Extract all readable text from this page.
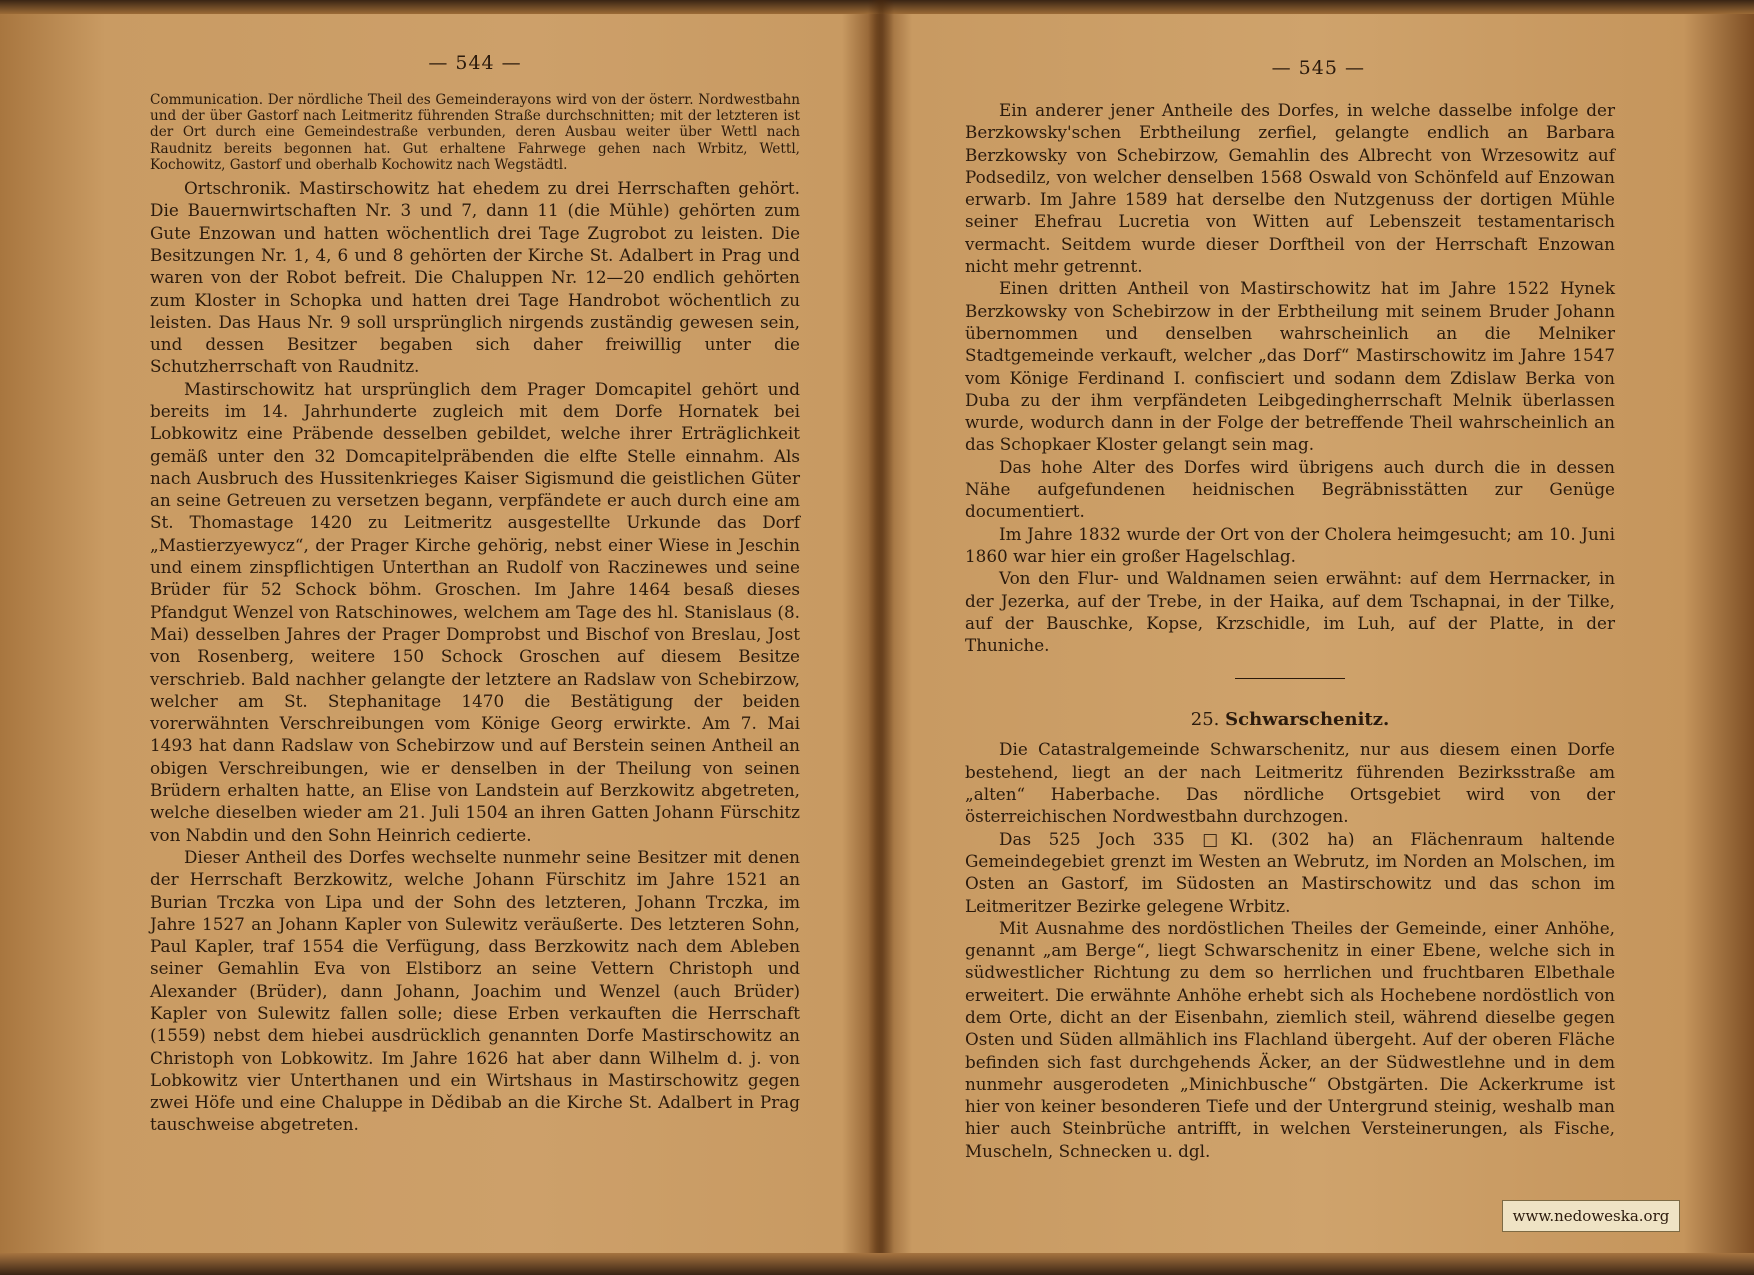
— 544 —

Communication. Der nördliche Theil des Gemeinderayons wird von der österr. Nordwestbahn und der über Gastorf nach Leitmeritz führenden Straße durchschnitten; mit der letzteren ist der Ort durch eine Gemeindestraße verbunden, deren Ausbau weiter über Wettl nach Raudnitz bereits begonnen hat. Gut erhaltene Fahrwege gehen nach Wrbitz, Wettl, Kochowitz, Gastorf und oberhalb Kochowitz nach Wegstädtl.

Ortschronik. Mastirschowitz hat ehedem zu drei Herrschaften gehört. Die Bauernwirtschaften Nr. 3 und 7, dann 11 (die Mühle) gehörten zum Gute Enzowan und hatten wöchentlich drei Tage Zugrobot zu leisten. Die Besitzungen Nr. 1, 4, 6 und 8 gehörten der Kirche St. Adalbert in Prag und waren von der Robot befreit. Die Chaluppen Nr. 12—20 endlich gehörten zum Kloster in Schopka und hatten drei Tage Handrobot wöchentlich zu leisten. Das Haus Nr. 9 soll ursprünglich nirgends zuständig gewesen sein, und dessen Besitzer begaben sich daher freiwillig unter die Schutzherrschaft von Raudnitz.

Mastirschowitz hat ursprünglich dem Prager Domcapitel gehört und bereits im 14. Jahrhunderte zugleich mit dem Dorfe Hornatek bei Lobkowitz eine Präbende desselben gebildet, welche ihrer Erträglichkeit gemäß unter den 32 Domcapitelpräbenden die elfte Stelle einnahm. Als nach Ausbruch des Hussitenkrieges Kaiser Sigismund die geistlichen Güter an seine Getreuen zu versetzen begann, verpfändete er auch durch eine am St. Thomastage 1420 zu Leitmeritz ausgestellte Urkunde das Dorf „Mastierzyewycz“, der Prager Kirche gehörig, nebst einer Wiese in Jeschin und einem zinspflichtigen Unterthan an Rudolf von Raczinewes und seine Brüder für 52 Schock böhm. Groschen. Im Jahre 1464 besaß dieses Pfandgut Wenzel von Ratschinowes, welchem am Tage des hl. Stanislaus (8. Mai) desselben Jahres der Prager Domprobst und Bischof von Breslau, Jost von Rosenberg, weitere 150 Schock Groschen auf diesem Besitze verschrieb. Bald nachher gelangte der letztere an Radslaw von Schebirzow, welcher am St. Stephanitage 1470 die Bestätigung der beiden vorerwähnten Verschreibungen vom Könige Georg erwirkte. Am 7. Mai 1493 hat dann Radslaw von Schebirzow und auf Berstein seinen Antheil an obigen Verschreibungen, wie er denselben in der Theilung von seinen Brüdern erhalten hatte, an Elise von Landstein auf Berzkowitz abgetreten, welche dieselben wieder am 21. Juli 1504 an ihren Gatten Johann Fürschitz von Nabdin und den Sohn Heinrich cedierte.

Dieser Antheil des Dorfes wechselte nunmehr seine Besitzer mit denen der Herrschaft Berzkowitz, welche Johann Fürschitz im Jahre 1521 an Burian Trczka von Lipa und der Sohn des letzteren, Johann Trczka, im Jahre 1527 an Johann Kapler von Sulewitz veräußerte. Des letzteren Sohn, Paul Kapler, traf 1554 die Verfügung, dass Berzkowitz nach dem Ableben seiner Gemahlin Eva von Elstiborz an seine Vettern Christoph und Alexander (Brüder), dann Johann, Joachim und Wenzel (auch Brüder) Kapler von Sulewitz fallen solle; diese Erben verkauften die Herrschaft (1559) nebst dem hiebei ausdrücklich genannten Dorfe Mastirschowitz an Christoph von Lobkowitz. Im Jahre 1626 hat aber dann Wilhelm d. j. von Lobkowitz vier Unterthanen und ein Wirtshaus in Mastirschowitz gegen zwei Höfe und eine Chaluppe in Dědibab an die Kirche St. Adalbert in Prag tauschweise abgetreten.

— 545 —

Ein anderer jener Antheile des Dorfes, in welche dasselbe infolge der Berzkowsky'schen Erbtheilung zerfiel, gelangte endlich an Barbara Berzkowsky von Schebirzow, Gemahlin des Albrecht von Wrzesowitz auf Podsedilz, von welcher denselben 1568 Oswald von Schönfeld auf Enzowan erwarb. Im Jahre 1589 hat derselbe den Nutzgenuss der dortigen Mühle seiner Ehefrau Lucretia von Witten auf Lebenszeit testamentarisch vermacht. Seitdem wurde dieser Dorftheil von der Herrschaft Enzowan nicht mehr getrennt.

Einen dritten Antheil von Mastirschowitz hat im Jahre 1522 Hynek Berzkowsky von Schebirzow in der Erbtheilung mit seinem Bruder Johann übernommen und denselben wahrscheinlich an die Melniker Stadtgemeinde verkauft, welcher „das Dorf“ Mastirschowitz im Jahre 1547 vom Könige Ferdinand I. confisciert und sodann dem Zdislaw Berka von Duba zu der ihm verpfändeten Leibgedingherrschaft Melnik überlassen wurde, wodurch dann in der Folge der betreffende Theil wahrscheinlich an das Schopkaer Kloster gelangt sein mag.

Das hohe Alter des Dorfes wird übrigens auch durch die in dessen Nähe aufgefundenen heidnischen Begräbnisstätten zur Genüge documentiert.

Im Jahre 1832 wurde der Ort von der Cholera heimgesucht; am 10. Juni 1860 war hier ein großer Hagelschlag.

Von den Flur- und Waldnamen seien erwähnt: auf dem Herrnacker, in der Jezerka, auf der Trebe, in der Haika, auf dem Tschapnai, in der Tilke, auf der Bauschke, Kopse, Krzschidle, im Luh, auf der Platte, in der Thuniche.

25. Schwarschenitz.

Die Catastralgemeinde Schwarschenitz, nur aus diesem einen Dorfe bestehend, liegt an der nach Leitmeritz führenden Bezirksstraße am „alten“ Haberbache. Das nördliche Ortsgebiet wird von der österreichischen Nordwestbahn durchzogen.

Das 525 Joch 335 □Kl. (302 ha) an Flächenraum haltende Gemeindegebiet grenzt im Westen an Webrutz, im Norden an Molschen, im Osten an Gastorf, im Südosten an Mastirschowitz und das schon im Leitmeritzer Bezirke gelegene Wrbitz.

Mit Ausnahme des nordöstlichen Theiles der Gemeinde, einer Anhöhe, genannt „am Berge“, liegt Schwarschenitz in einer Ebene, welche sich in südwestlicher Richtung zu dem so herrlichen und fruchtbaren Elbethale erweitert. Die erwähnte Anhöhe erhebt sich als Hochebene nordöstlich von dem Orte, dicht an der Eisenbahn, ziemlich steil, während dieselbe gegen Osten und Süden allmählich ins Flachland übergeht. Auf der oberen Fläche befinden sich fast durchgehends Äcker, an der Südwestlehne und in dem nunmehr ausgerodeten „Minichbusche“ Obstgärten. Die Ackerkrume ist hier von keiner besonderen Tiefe und der Untergrund steinig, weshalb man hier auch Steinbrüche antrifft, in welchen Versteinerungen, als Fische, Muscheln, Schnecken u. dgl.

www.nedoweska.org
